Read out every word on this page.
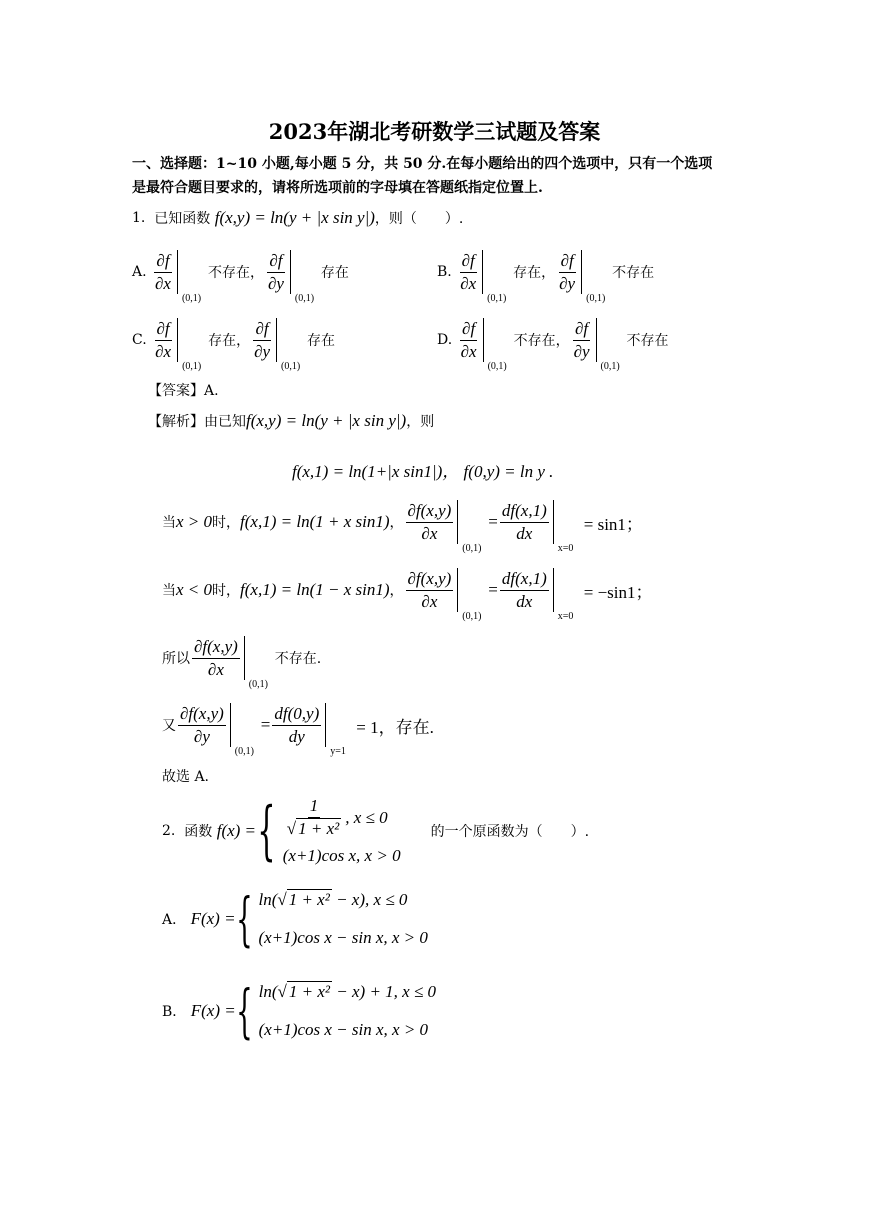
2023年湖北考研数学三试题及答案
一、选择题：1~10 小题,每小题 5 分，共 50 分.在每小题给出的四个选项中，只有一个选项
是最符合题目要求的，请将所选项前的字母填在答题纸指定位置上.
1.
已知函数
f(x,y) = ln(y + |x sin y|) ，则（　　）.
A.
$\frac{\partial f}{\partial x}$
(0,1)
不存在， $\frac{\partial f}{\partial y}$
(0,1)
存在	B.
$\frac{\partial f}{\partial x}$
(0,1)
存在， $\frac{\partial f}{\partial y}$
(0,1)
不存在
C.
$\frac{\partial f}{\partial x}$
(0,1)
存在， $\frac{\partial f}{\partial y}$
(0,1)
存在	D.
$\frac{\partial f}{\partial x}$
(0,1)
不存在， $\frac{\partial f}{\partial y}$
(0,1)
不存在
【答案】A.
【解析】由已知 f(x,y) = ln(y + |x sin y|) ，则
f(x,1) = ln(1+|x sin1|)， f(0,y) = ln y .
当 x > 0 时， f(x,1) = ln(1 + x sin1) ， $\frac{\partial f(x,y)}{\partial x}$
(0,1)
= $\frac{df(x,1)}{dx}$
x=0
= sin1；
当 x < 0 时， f(x,1) = ln(1 − x sin1) ， $\frac{\partial f(x,y)}{\partial x}$
(0,1)
= $\frac{df(x,1)}{dx}$
x=0
= −sin1；
所以 $\frac{\partial f(x,y)}{\partial x}$
(0,1)
不存在.
又 $\frac{\partial f(x,y)}{\partial y}$
(0,1)
= $\frac{df(0,y)}{dy}$
y=1
= 1，存在.
故选 A.
2.
函数
f(x) = { $\frac{1}{\text{√ 1 + x²}}$ , x ≤ 0
(x+1)cos x, x > 0
的一个原函数为（　　）.
A．
F(x) = { ln(√ 1 + x² − x), x ≤ 0
(x+1)cos x − sin x, x > 0
B．
F(x) = { ln(√ 1 + x² − x) + 1, x ≤ 0
(x+1)cos x − sin x, x > 0
